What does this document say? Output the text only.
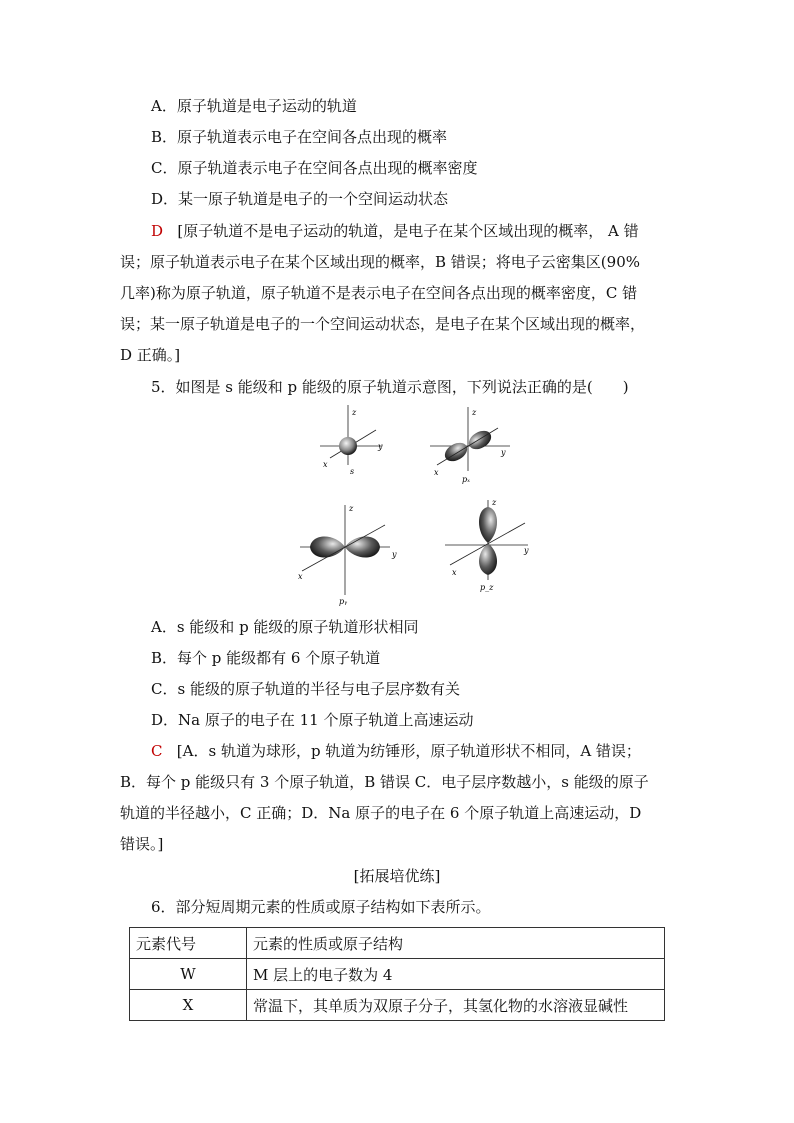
A．原子轨道是电子运动的轨道
B．原子轨道表示电子在空间各点出现的概率
C．原子轨道表示电子在空间各点出现的概率密度
D．某一原子轨道是电子的一个空间运动状态
D [原子轨道不是电子运动的轨道，是电子在某个区域出现的概率， A 错
误；原子轨道表示电子在某个区域出现的概率，B 错误；将电子云密集区(90%
几率)称为原子轨道，原子轨道不是表示电子在空间各点出现的概率密度，C 错
误；某一原子轨道是电子的一个空间运动状态，是电子在某个区域出现的概率，
D 正确。]
5．如图是 s 能级和 p 能级的原子轨道示意图，下列说法正确的是(　　)
z
y
x
s
z
y
x
pₓ
z
y
x
pᵧ
z
y
x
p_z
A．s 能级和 p 能级的原子轨道形状相同
B．每个 p 能级都有 6 个原子轨道
C．s 能级的原子轨道的半径与电子层序数有关
D．Na 原子的电子在 11 个原子轨道上高速运动
C [A．s 轨道为球形，p 轨道为纺锤形，原子轨道形状不相同，A 错误；
B．每个 p 能级只有 3 个原子轨道，B 错误 C．电子层序数越小，s 能级的原子
轨道的半径越小，C 正确；D．Na 原子的电子在 6 个原子轨道上高速运动，D
错误。]
[拓展培优练]
6．部分短周期元素的性质或原子结构如下表所示。
元素代号	元素的性质或原子结构
W	M 层上的电子数为 4
X	常温下，其单质为双原子分子，其氢化物的水溶液显碱性
